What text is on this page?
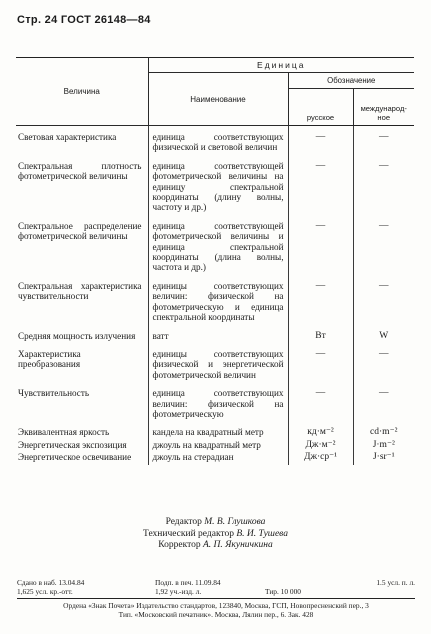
Стр. 24 ГОСТ 26148—84
Величина	Единица		
	Наименование	Обозначение	
		русское	международ-ное
Световая характеристика	единица соответствующих физической и световой величин	—	—
Спектральная плотность фотометрической величины	единица соответствующей фотометрической величины на единицу спектральной координаты (длину волны, частоту и др.)	—	—
Спектральное распределение фотометрической величины	единица соответствующей фотометрической величины и единица спектральной координаты (длина волны, частота и др.)	—	—
Спектральная характеристика чувствительности	единицы соответствующих величин: физической на фотометрическую и единица спектральной координаты	—	—
Средняя мощность излучения	ватт	Вт	W
Характеристика преобразования	единицы соответствующих физической и энергетической фотометрической величин	—	—
Чувствительность	единица соответствующих величин: физической на фотометрическую	—	—
Эквивалентная яркость	кандела на квадратный метр	кд·м⁻²	cd·m⁻²
Энергетическая экспозиция	джоуль на квадратный метр	Дж·м⁻²	J·m⁻²
Энергетическое освечивание	джоуль на стерадиан	Дж·ср⁻¹	J·sr⁻¹
Редактор М. В. Глушкова
Технический редактор В. И. Тушева
Корректор А. П. Якуничкина
Сдано в наб. 13.04.84	Подп. в печ. 11.09.84	1.5 усл. п. л.
1,625 усл. кр.-отт.	1,92 уч.-изд. л.	Тир. 10 000
Ордена «Знак Почета» Издательство стандартов, 123840, Москва, ГСП, Новопресненский пер., 3
Тип. «Московский печатник». Москва, Лялин пер., 6. Зак. 428
